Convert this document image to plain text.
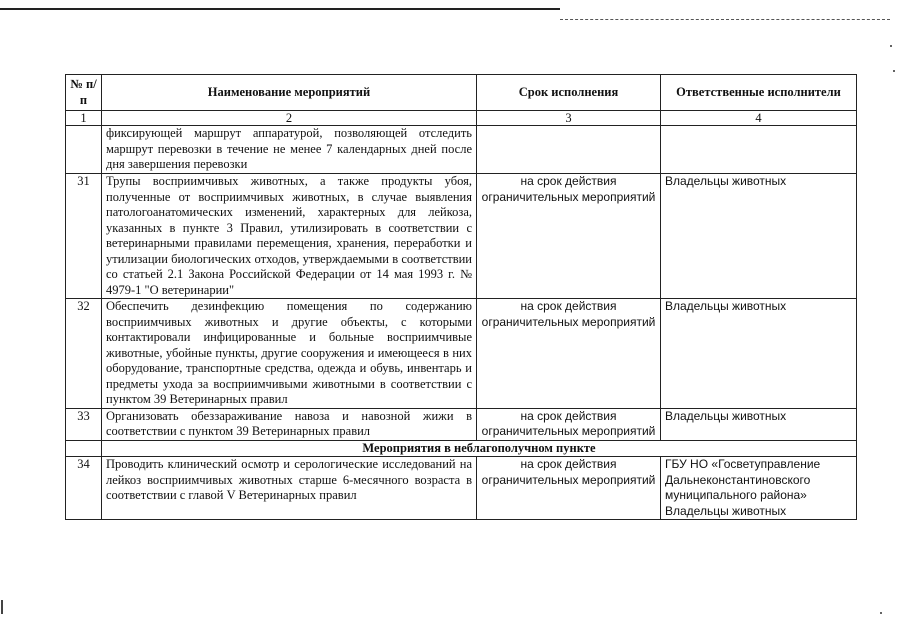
№ п/п	Наименование мероприятий	Срок исполнения	Ответственные исполнители
1	2	3	4
	фиксирующей маршрут аппаратурой, позволяющей отследить маршрут перевозки в течение не менее 7 календарных дней после дня завершения перевозки		
31	Трупы восприимчивых животных, а также продукты убоя, полученные от восприимчивых животных, в случае выявления патологоанатомических изменений, характерных для лейкоза, указанных в пункте 3 Правил, утилизировать в соответствии с ветеринарными правилами перемещения, хранения, переработки и утилизации биологических отходов, утверждаемыми в соответствии со статьей 2.1 Закона Российской Федерации от 14 мая 1993 г. № 4979-1 "О ветеринарии"	на срок действия ограничительных мероприятий	Владельцы животных
32	Обеспечить дезинфекцию помещения по содержанию восприимчивых животных и другие объекты, с которыми контактировали инфицированные и больные восприимчивые животные, убойные пункты, другие сооружения и имеющееся в них оборудование, транспортные средства, одежда и обувь, инвентарь и предметы ухода за восприимчивыми животными в соответствии с пунктом 39 Ветеринарных правил	на срок действия ограничительных мероприятий	Владельцы животных
33	Организовать обеззараживание навоза и навозной жижи в соответствии с пунктом 39 Ветеринарных правил	на срок действия ограничительных мероприятий	Владельцы животных
	Мероприятия в неблагополучном пункте		
34	Проводить клинический осмотр и серологические исследований на лейкоз восприимчивых животных старше 6-месячного возраста в соответствии с главой V Ветеринарных правил	на срок действия ограничительных мероприятий	ГБУ НО «Госветуправление Дальнеконстантиновского муниципального района» Владельцы животных
